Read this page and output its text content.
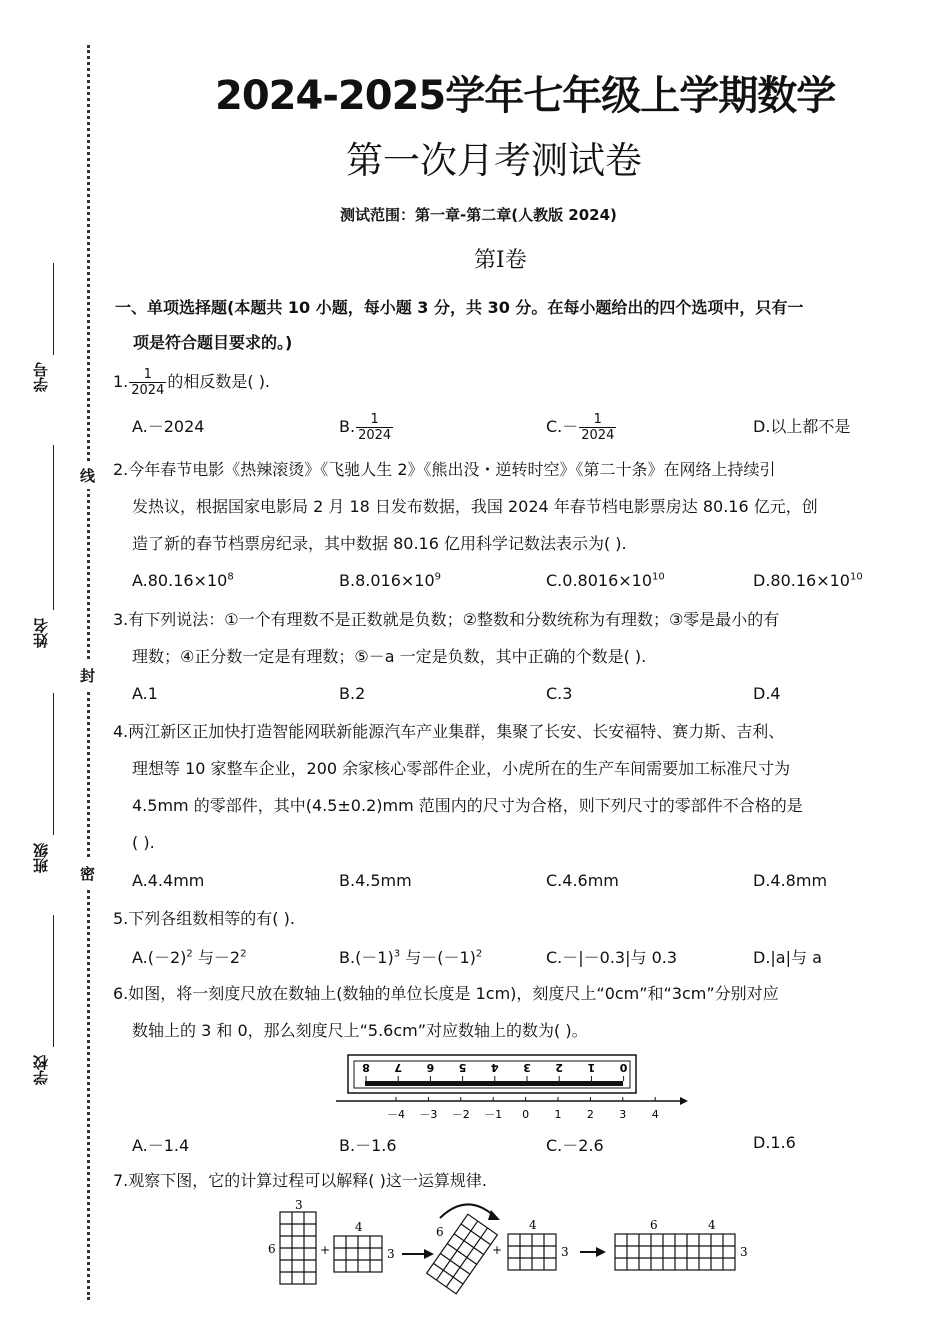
学号
姓名
班级
学校
线
封
密
2024-2025学年七年级上学期数学
第一次月考测试卷
测试范围：第一章-第二章(人教版 2024)
第Ⅰ卷
一、单项选择题(本题共 10 小题，每小题 3 分，共 30 分。在每小题给出的四个选项中，只有一
项是符合题目要求的。)
1. $\frac{1}{2024}$ 的相反数是( ).
A.－2024	B. $\frac{1}{2024}$	$C.- \frac{1}{2024}$	D.以上都不是
2.今年春节电影《热辣滚烫》《飞驰人生 2》《熊出没・逆转时空》《第二十条》在网络上持续引
发热议，根据国家电影局 2 月 18 日发布数据，我国 2024 年春节档电影票房达 80.16 亿元，创
造了新的春节档票房纪录，其中数据 80.16 亿用科学记数法表示为( ).
$A.80.16\times 10^8$	$B.8.016\times 10^9$	$C.0.8016\times 10^{10}$	$D.80.16\times 10^{10}$
3.有下列说法：①一个有理数不是正数就是负数；②整数和分数统称为有理数；③零是最小的有
理数；④正分数一定是有理数；⑤－a 一定是负数，其中正确的个数是( ).
A.1	B.2	C.3	D.4
4.两江新区正加快打造智能网联新能源汽车产业集群，集聚了长安、长安福特、赛力斯、吉利、
理想等 10 家整车企业，200 余家核心零部件企业，小虎所在的生产车间需要加工标准尺寸为
4.5mm 的零部件，其中(4.5±0.2)mm 范围内的尺寸为合格，则下列尺寸的零部件不合格的是
( ).
A.4.4mm	B.4.5mm	C.4.6mm	D.4.8mm
5.下列各组数相等的有( ).
$A.(-2)^2$ 与$-2^2$	$B.(-1)^3$ 与$-(-1)^2$	C.－|－0.3|与 0.3	D.|a|与 a
6.如图，将一刻度尺放在数轴上(数轴的单位长度是 1cm)，刻度尺上“0cm”和“3cm”分别对应
数轴上的 3 和 0，那么刻度尺上“5.6cm”对应数轴上的数为( )。
8 7 6 5 4 3 2 1 0
－4 －3 －2 －1 0 1 2 3 4
A.－1.4	B.－1.6	C.－2.6	D.1.6
7.观察下图，它的计算过程可以解释( )这一运算规律.
3
6	+
4
3
6
+
4
3
6	4
3
